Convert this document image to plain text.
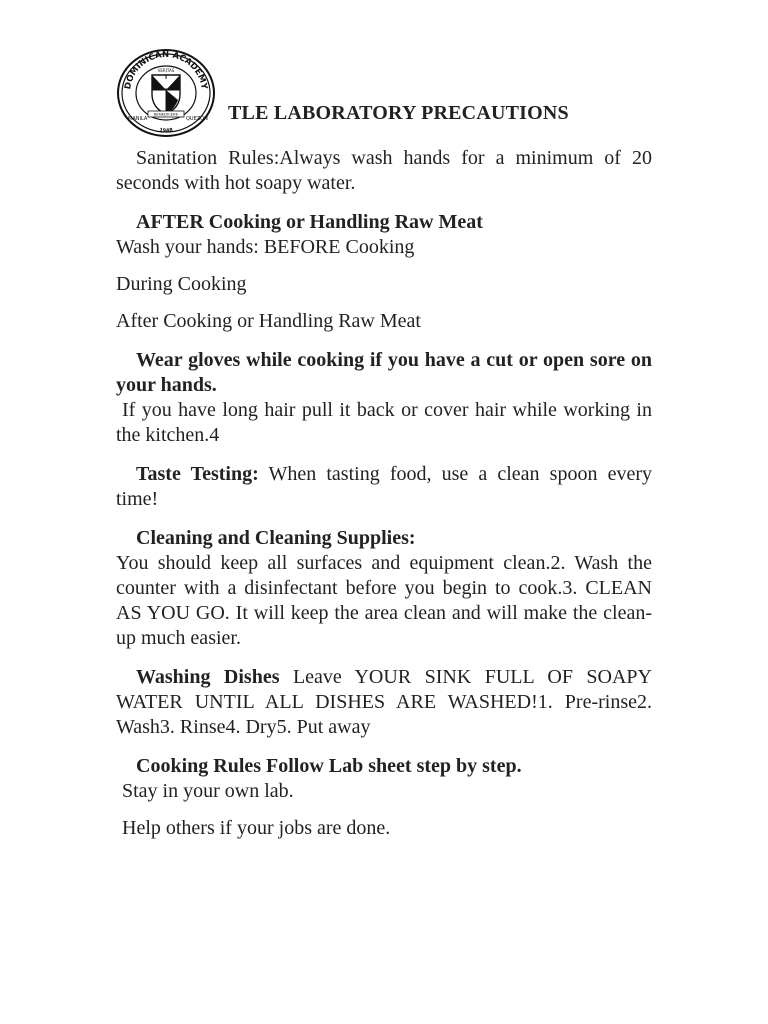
DOMINICAN ACADEMY
1948
MANILA	QUEZON
VERITAS
BENEDICERE TLE LABORATORY PRECAUTIONS

Sanitation Rules:Always wash hands for a minimum of 20 seconds with hot soapy water.

AFTER Cooking or Handling Raw Meat

Wash your hands: BEFORE Cooking

During Cooking

After Cooking or Handling Raw Meat

Wear gloves while cooking if you have a cut or open sore on your hands.

If you have long hair pull it back or cover hair while working in the kitchen.4

Taste Testing: When tasting food, use a clean spoon every time!

Cleaning and Cleaning Supplies:

You should keep all surfaces and equipment clean.2. Wash the counter with a disinfectant before you begin to cook.3. CLEAN AS YOU GO. It will keep the area clean and will make the clean-up much easier.

Washing Dishes Leave YOUR SINK FULL OF SOAPY WATER UNTIL ALL DISHES ARE WASHED!1. Pre-rinse2. Wash3. Rinse4. Dry5. Put away

Cooking Rules Follow Lab sheet step by step.

Stay in your own lab.

Help others if your jobs are done.
